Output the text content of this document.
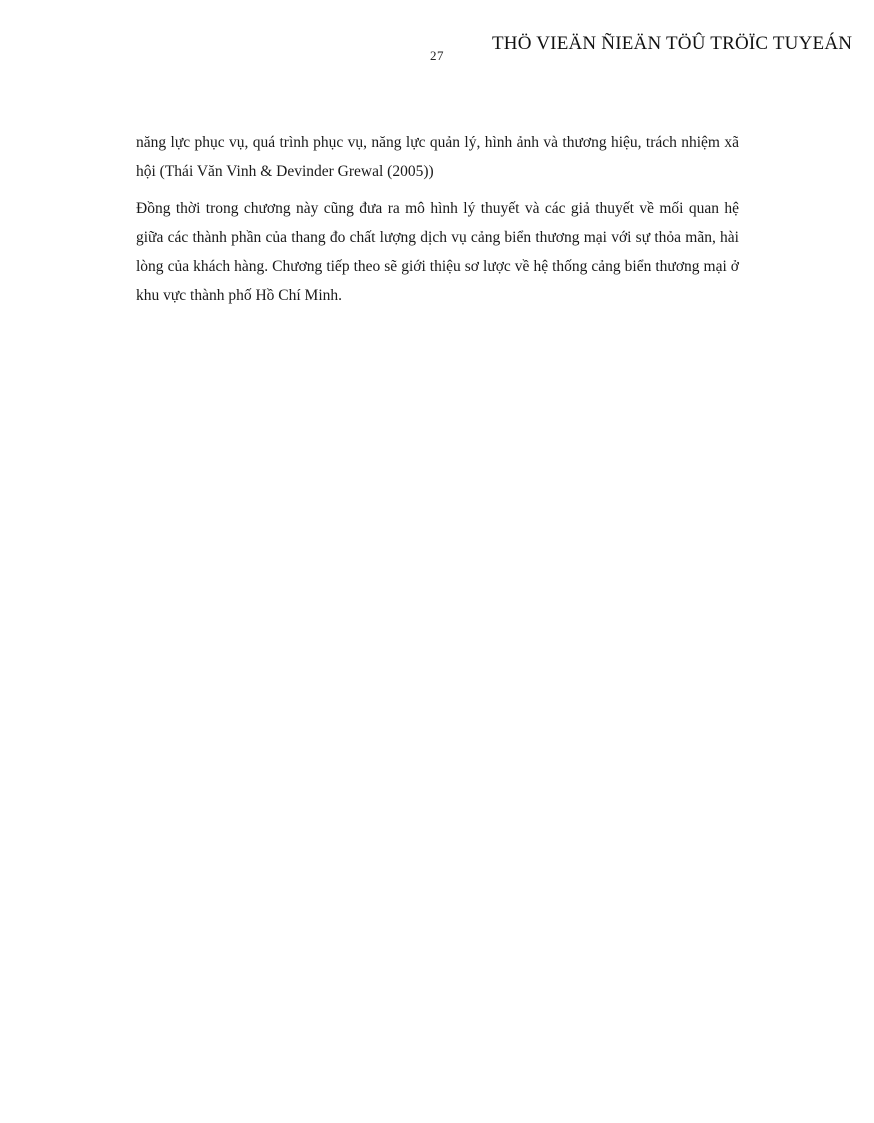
27
THÖ VIEÄN ÑIEÄN TÖÛ TRÖÏC TUYEÁN

năng lực phục vụ, quá trình phục vụ, năng lực quản lý, hình ảnh và thương hiệu, trách nhiệm xã hội (Thái Văn Vinh & Devinder Grewal (2005))

Đồng thời trong chương này cũng đưa ra mô hình lý thuyết và các giả thuyết về mối quan hệ giữa các thành phần của thang đo chất lượng dịch vụ cảng biển thương mại với sự thỏa mãn, hài lòng của khách hàng. Chương tiếp theo sẽ giới thiệu sơ lược về hệ thống cảng biển thương mại ở khu vực thành phố Hồ Chí Minh.
